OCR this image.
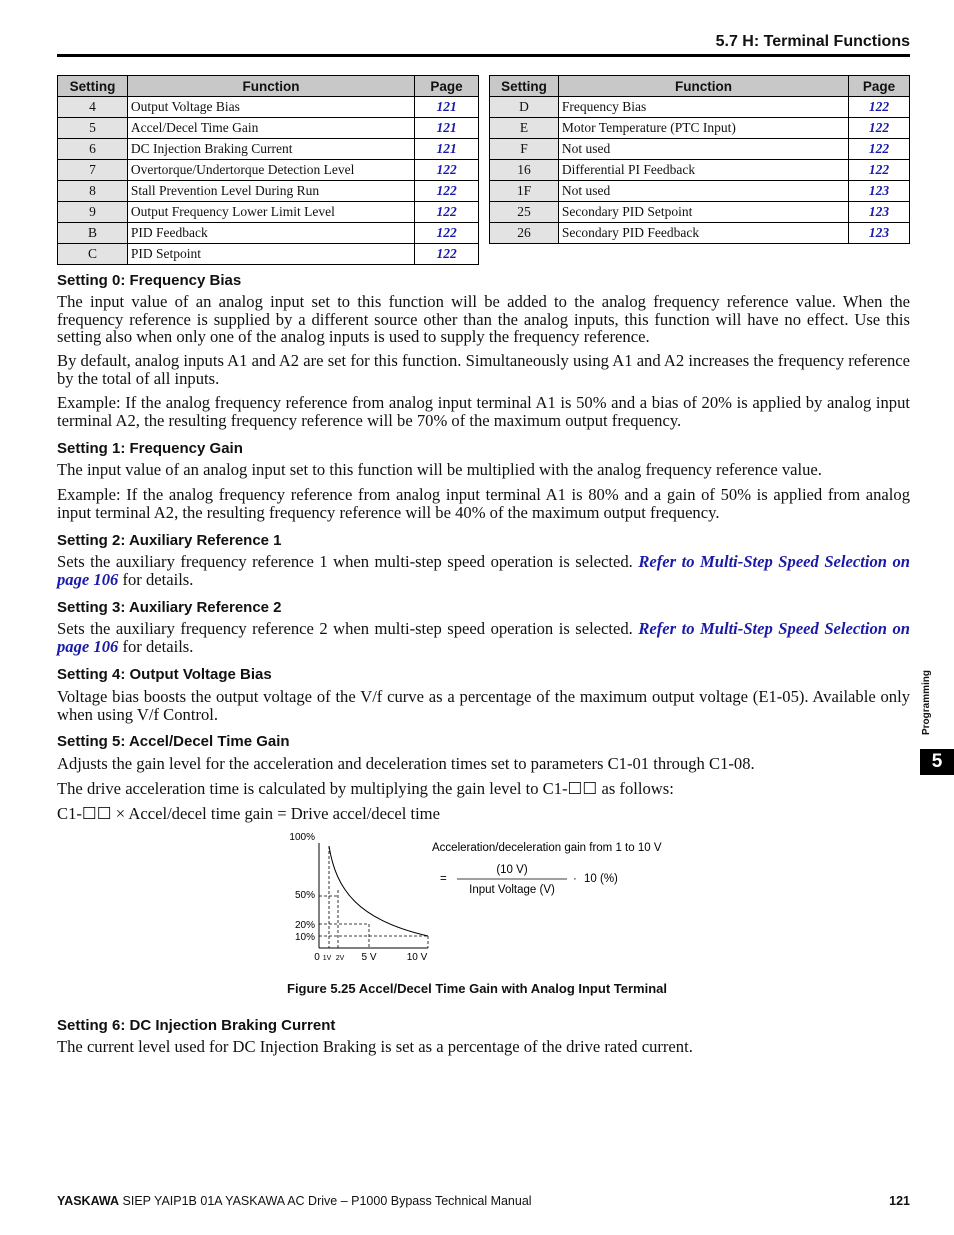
5.7 H: Terminal Functions
Setting	Function	Page
4	Output Voltage Bias	121
5	Accel/Decel Time Gain	121
6	DC Injection Braking Current	121
7	Overtorque/Undertorque Detection Level	122
8	Stall Prevention Level During Run	122
9	Output Frequency Lower Limit Level	122
B	PID Feedback	122
C	PID Setpoint	122
Setting	Function	Page
D	Frequency Bias	122
E	Motor Temperature (PTC Input)	122
F	Not used	122
16	Differential PI Feedback	122
1F	Not used	123
25	Secondary PID Setpoint	123
26	Secondary PID Feedback	123
Setting 0: Frequency Bias
The input value of an analog input set to this function will be added to the analog frequency reference value. When the frequency reference is supplied by a different source other than the analog inputs, this function will have no effect. Use this setting also when only one of the analog inputs is used to supply the frequency reference.
By default, analog inputs A1 and A2 are set for this function. Simultaneously using A1 and A2 increases the frequency reference by the total of all inputs.
Example: If the analog frequency reference from analog input terminal A1 is 50% and a bias of 20% is applied by analog input terminal A2, the resulting frequency reference will be 70% of the maximum output frequency.
Setting 1: Frequency Gain
The input value of an analog input set to this function will be multiplied with the analog frequency reference value.
Example: If the analog frequency reference from analog input terminal A1 is 80% and a gain of 50% is applied from analog input terminal A2, the resulting frequency reference will be 40% of the maximum output frequency.
Setting 2: Auxiliary Reference 1
Sets the auxiliary frequency reference 1 when multi-step speed operation is selected. Refer to Multi-Step Speed Selection on page 106 for details.
Setting 3: Auxiliary Reference 2
Sets the auxiliary frequency reference 2 when multi-step speed operation is selected. Refer to Multi-Step Speed Selection on page 106 for details.
Setting 4: Output Voltage Bias
Voltage bias boosts the output voltage of the V/f curve as a percentage of the maximum output voltage (E1-05). Available only when using V/f Control.
Setting 5: Accel/Decel Time Gain
Adjusts the gain level for the acceleration and deceleration times set to parameters C1-01 through C1-08.
The drive acceleration time is calculated by multiplying the gain level to C1-☐☐ as follows:
C1-☐☐ × Accel/decel time gain = Drive accel/decel time
100%
50%
20%
10%
0 1V 2V 5 V	10 V
Acceleration/deceleration gain from 1 to 10 V
=
(10 V)
Input Voltage (V)
· 10 (%)
Figure 5.25 Accel/Decel Time Gain with Analog Input Terminal
Setting 6: DC Injection Braking Current
The current level used for DC Injection Braking is set as a percentage of the drive rated current.
Programming
5
YASKAWA SIEP YAIP1B 01A YASKAWA AC Drive – P1000 Bypass Technical Manual	121
